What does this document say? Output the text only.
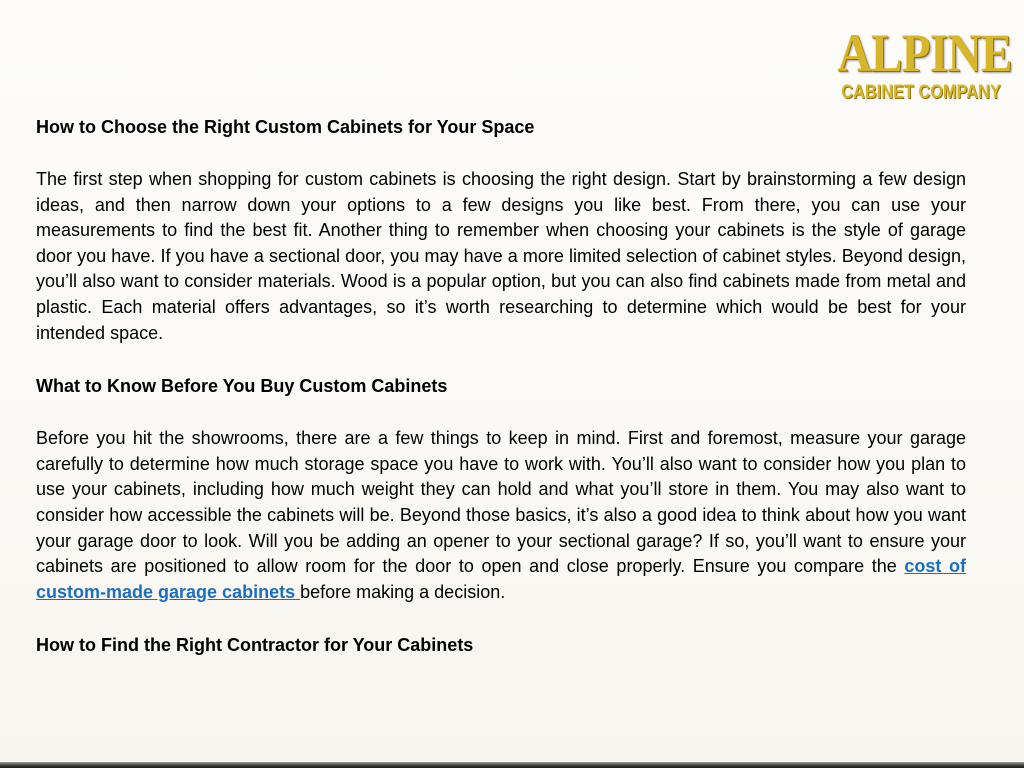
ALPINE
CABINET COMPANY

How to Choose the Right Custom Cabinets for Your Space

The first step when shopping for custom cabinets is choosing the right design. Start by brainstorming a few design ideas, and then narrow down your options to a few designs you like best. From there, you can use your measurements to find the best fit. Another thing to remember when choosing your cabinets is the style of garage door you have. If you have a sectional door, you may have a more limited selection of cabinet styles. Beyond design, you’ll also want to consider materials. Wood is a popular option, but you can also find cabinets made from metal and plastic. Each material offers advantages, so it’s worth researching to determine which would be best for your intended space.

What to Know Before You Buy Custom Cabinets

Before you hit the showrooms, there are a few things to keep in mind. First and foremost, measure your garage carefully to determine how much storage space you have to work with. You’ll also want to consider how you plan to use your cabinets, including how much weight they can hold and what you’ll store in them. You may also want to consider how accessible the cabinets will be. Beyond those basics, it’s also a good idea to think about how you want your garage door to look. Will you be adding an opener to your sectional garage? If so, you’ll want to ensure your cabinets are positioned to allow room for the door to open and close properly. Ensure you compare the cost of custom-made garage cabinets before making a decision.

How to Find the Right Contractor for Your Cabinets
